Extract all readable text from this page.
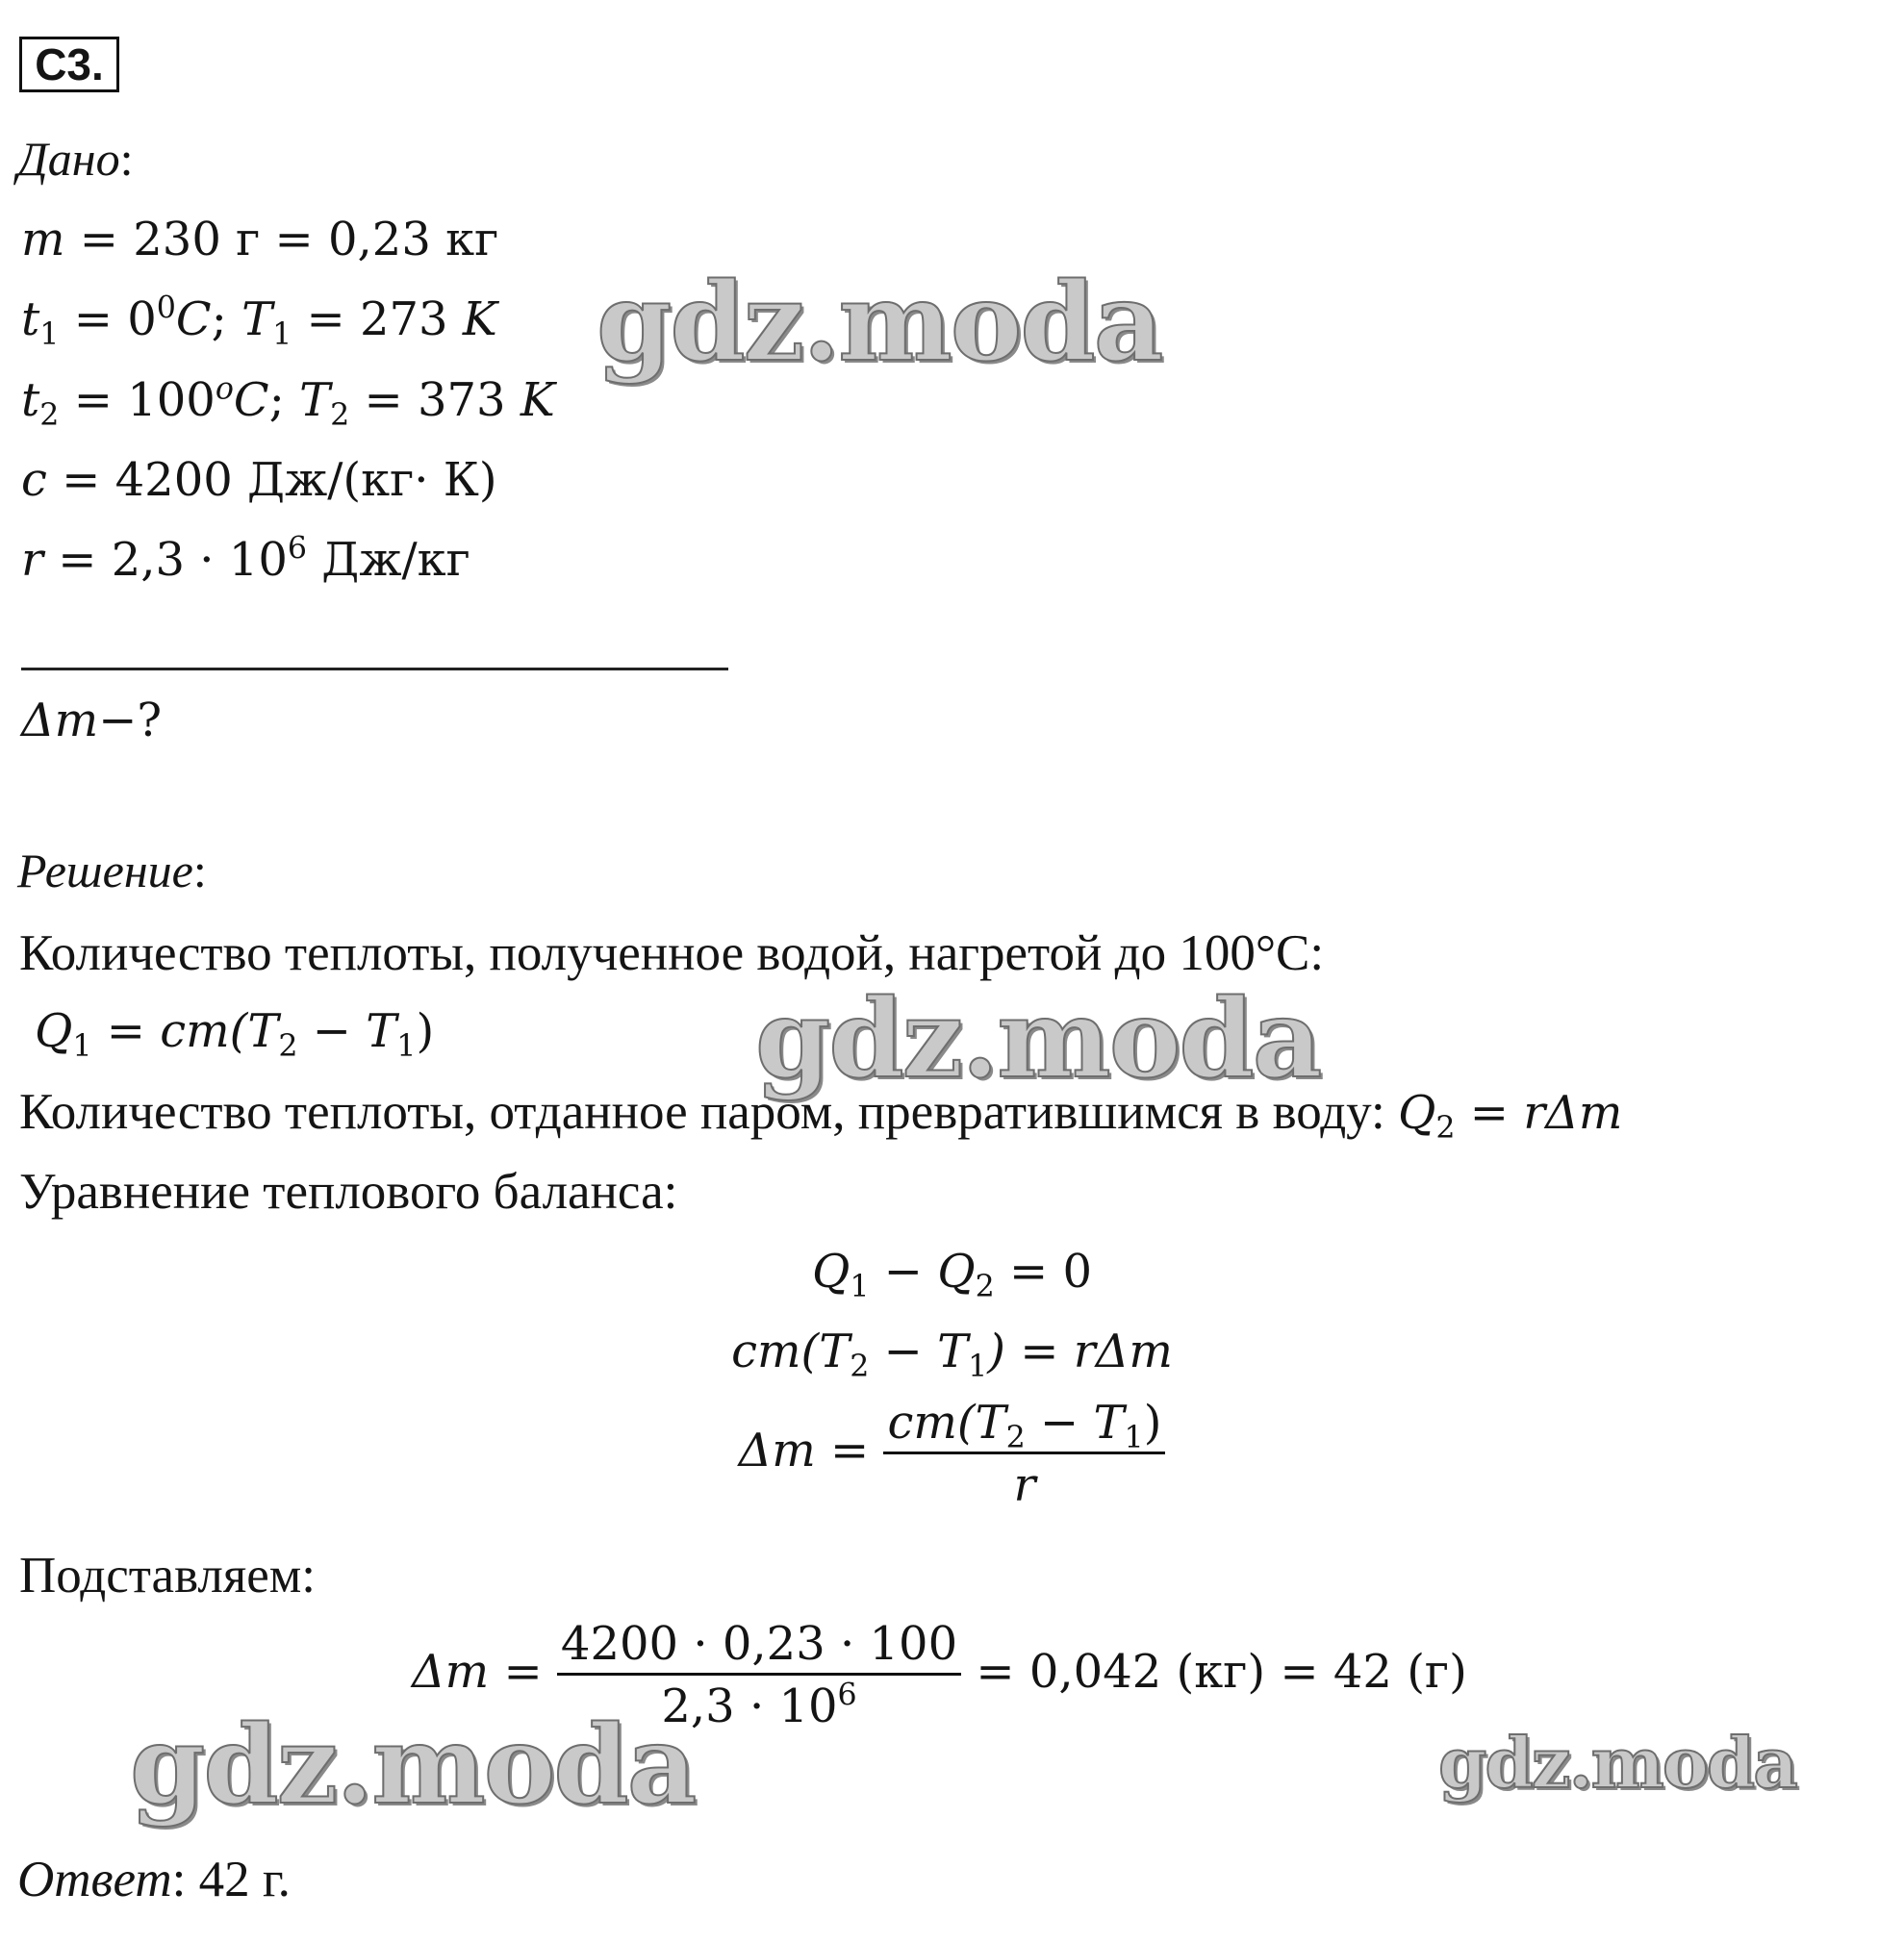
С3.
Дано:
m = 230 г = 0,23 кг
$t_1 = 0^0C$; $T_1 = 273$ K
$t_2 = 100^oC$; $T_2 = 373$ K
c = 4200 Дж/(кг· К)
$r = 2,3 \cdot 10^6$ Дж/кг
Δm−?
Решение:
Количество теплоты, полученное водой, нагретой до 100°С:
$Q_1 = cm(T_2 - T_1)$
Количество теплоты, отданное паром, превратившимся в воду: $Q_2 = r\Delta m$
Уравнение теплового баланса:
$Q_1 - Q_2 = 0$
$cm(T_2 - T_1) = r\Delta m$
$\Delta m = \frac{cm(T_2 - T_1)}{r}$
Подставляем:
$\Delta m = \frac{4200 \cdot 0,23 \cdot 100}{2,3 \cdot 10^6} = 0,042$ (кг) = 42 (г)
Ответ: 42 г.
gdz.moda
gdz.moda
gdz.moda	gdz.moda
